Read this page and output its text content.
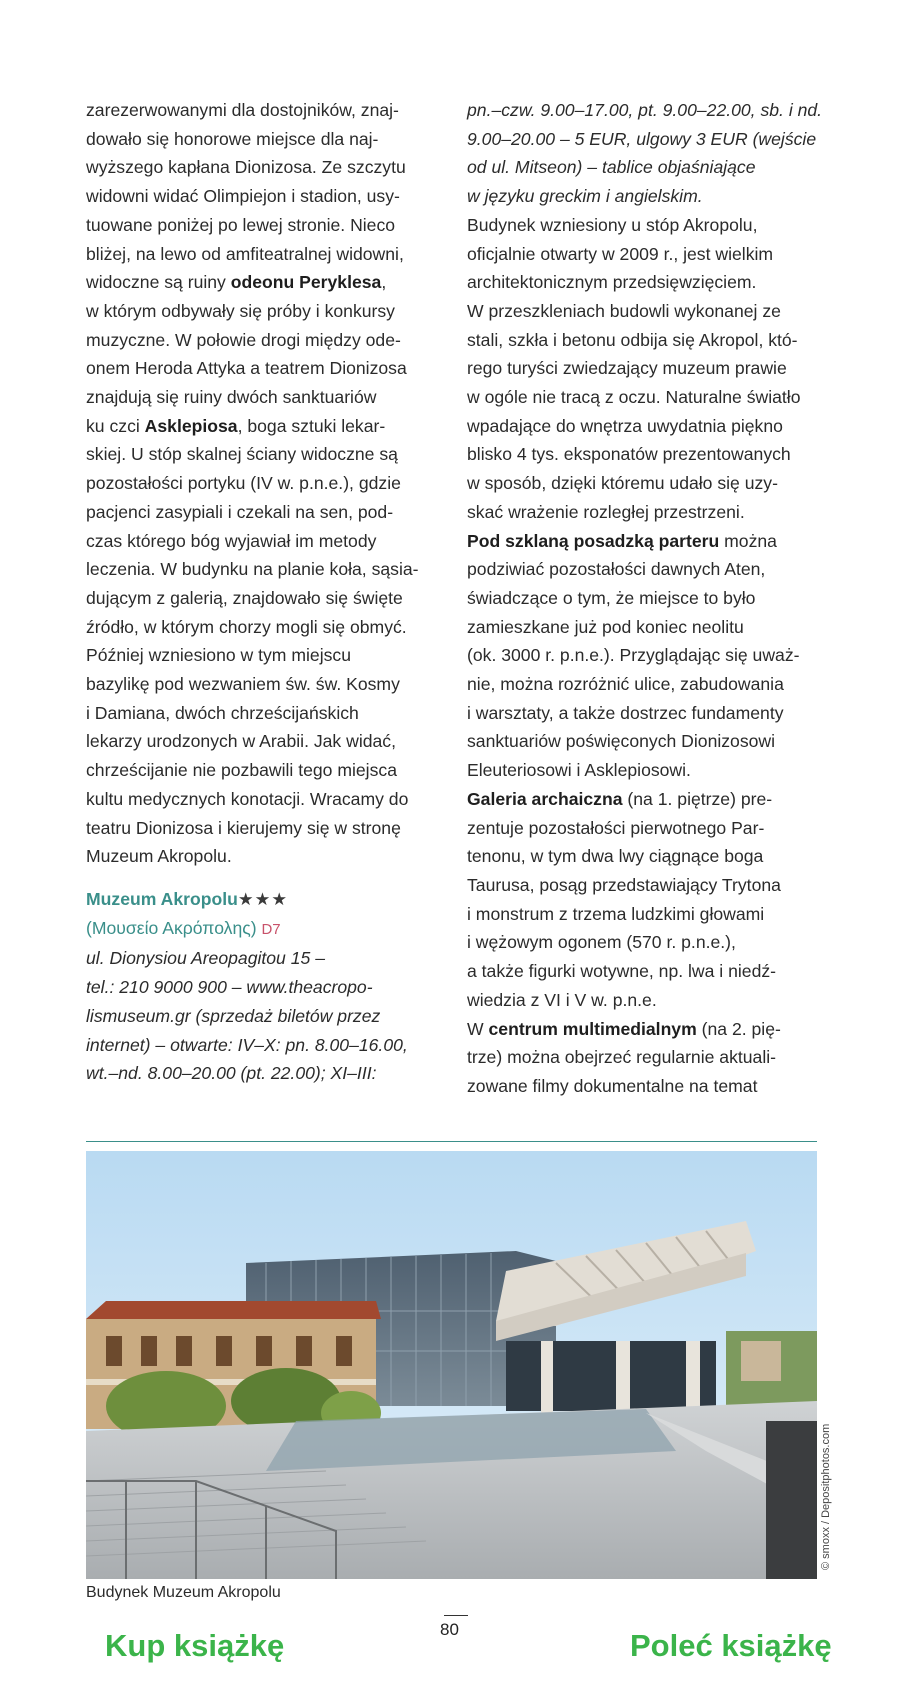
zarezerwowanymi dla dostojników, znaj-

dowało się honorowe miejsce dla naj-

wyższego kapłana Dionizosa. Ze szczytu

widowni widać Olimpiejon i stadion, usy-

tuowane poniżej po lewej stronie. Nieco

bliżej, na lewo od amfiteatralnej widowni,

widoczne są ruiny odeonu Peryklesa,

w którym odbywały się próby i konkursy

muzyczne. W połowie drogi między ode-

onem Heroda Attyka a teatrem Dionizosa

znajdują się ruiny dwóch sanktuariów

ku czci Asklepiosa, boga sztuki lekar-

skiej. U stóp skalnej ściany widoczne są

pozostałości portyku (IV w. p.n.e.), gdzie

pacjenci zasypiali i czekali na sen, pod-

czas którego bóg wyjawiał im metody

leczenia. W budynku na planie koła, sąsia-

dującym z galerią, znajdowało się święte

źródło, w którym chorzy mogli się obmyć.

Później wzniesiono w tym miejscu

bazylikę pod wezwaniem św. św. Kosmy

i Damiana, dwóch chrześcijańskich

lekarzy urodzonych w Arabii. Jak widać,

chrześcijanie nie pozbawili tego miejsca

kultu medycznych konotacji. Wracamy do

teatru Dionizosa i kierujemy się w stronę

Muzeum Akropolu.

Muzeum Akropolu★★★

(Μουσείο Ακρόπολης) D7

ul. Dionysiou Areopagitou 15 –

tel.: 210 9000 900 – www.theacropo-

lismuseum.gr (sprzedaż biletów przez

internet) – otwarte: IV–X: pn. 8.00–16.00,

wt.–nd. 8.00–20.00 (pt. 22.00); XI–III:

pn.–czw. 9.00–17.00, pt. 9.00–22.00, sb. i nd.

9.00–20.00 – 5 EUR, ulgowy 3 EUR (wejście

od ul. Mitseon) – tablice objaśniające

w języku greckim i angielskim.

Budynek wzniesiony u stóp Akropolu,

oficjalnie otwarty w 2009 r., jest wielkim

architektonicznym przedsięwzięciem.

W przeszkleniach budowli wykonanej ze

stali, szkła i betonu odbija się Akropol, któ-

rego turyści zwiedzający muzeum prawie

w ogóle nie tracą z oczu. Naturalne światło

wpadające do wnętrza uwydatnia piękno

blisko 4 tys. eksponatów prezentowanych

w sposób, dzięki któremu udało się uzy-

skać wrażenie rozległej przestrzeni.

Pod szklaną posadzką parteru można

podziwiać pozostałości dawnych Aten,

świadczące o tym, że miejsce to było

zamieszkane już pod koniec neolitu

(ok. 3000 r. p.n.e.). Przyglądając się uważ-

nie, można rozróżnić ulice, zabudowania

i warsztaty, a także dostrzec fundamenty

sanktuariów poświęconych Dionizosowi

Eleuteriosowi i Asklepiosowi.

Galeria archaiczna (na 1. piętrze) pre-

zentuje pozostałości pierwotnego Par-

tenonu, w tym dwa lwy ciągnące boga

Taurusa, posąg przedstawiający Trytona

i monstrum z trzema ludzkimi głowami

i wężowym ogonem (570 r. p.n.e.),

a także figurki wotywne, np. lwa i niedź-

wiedzia z VI i V w. p.n.e.

W centrum multimedialnym (na 2. pię-

trze) można obejrzeć regularnie aktuali-

zowane filmy dokumentalne na temat

© smoxx / Depositphotos.com
Budynek Muzeum Akropolu
80
Kup książkę	Poleć książkę
